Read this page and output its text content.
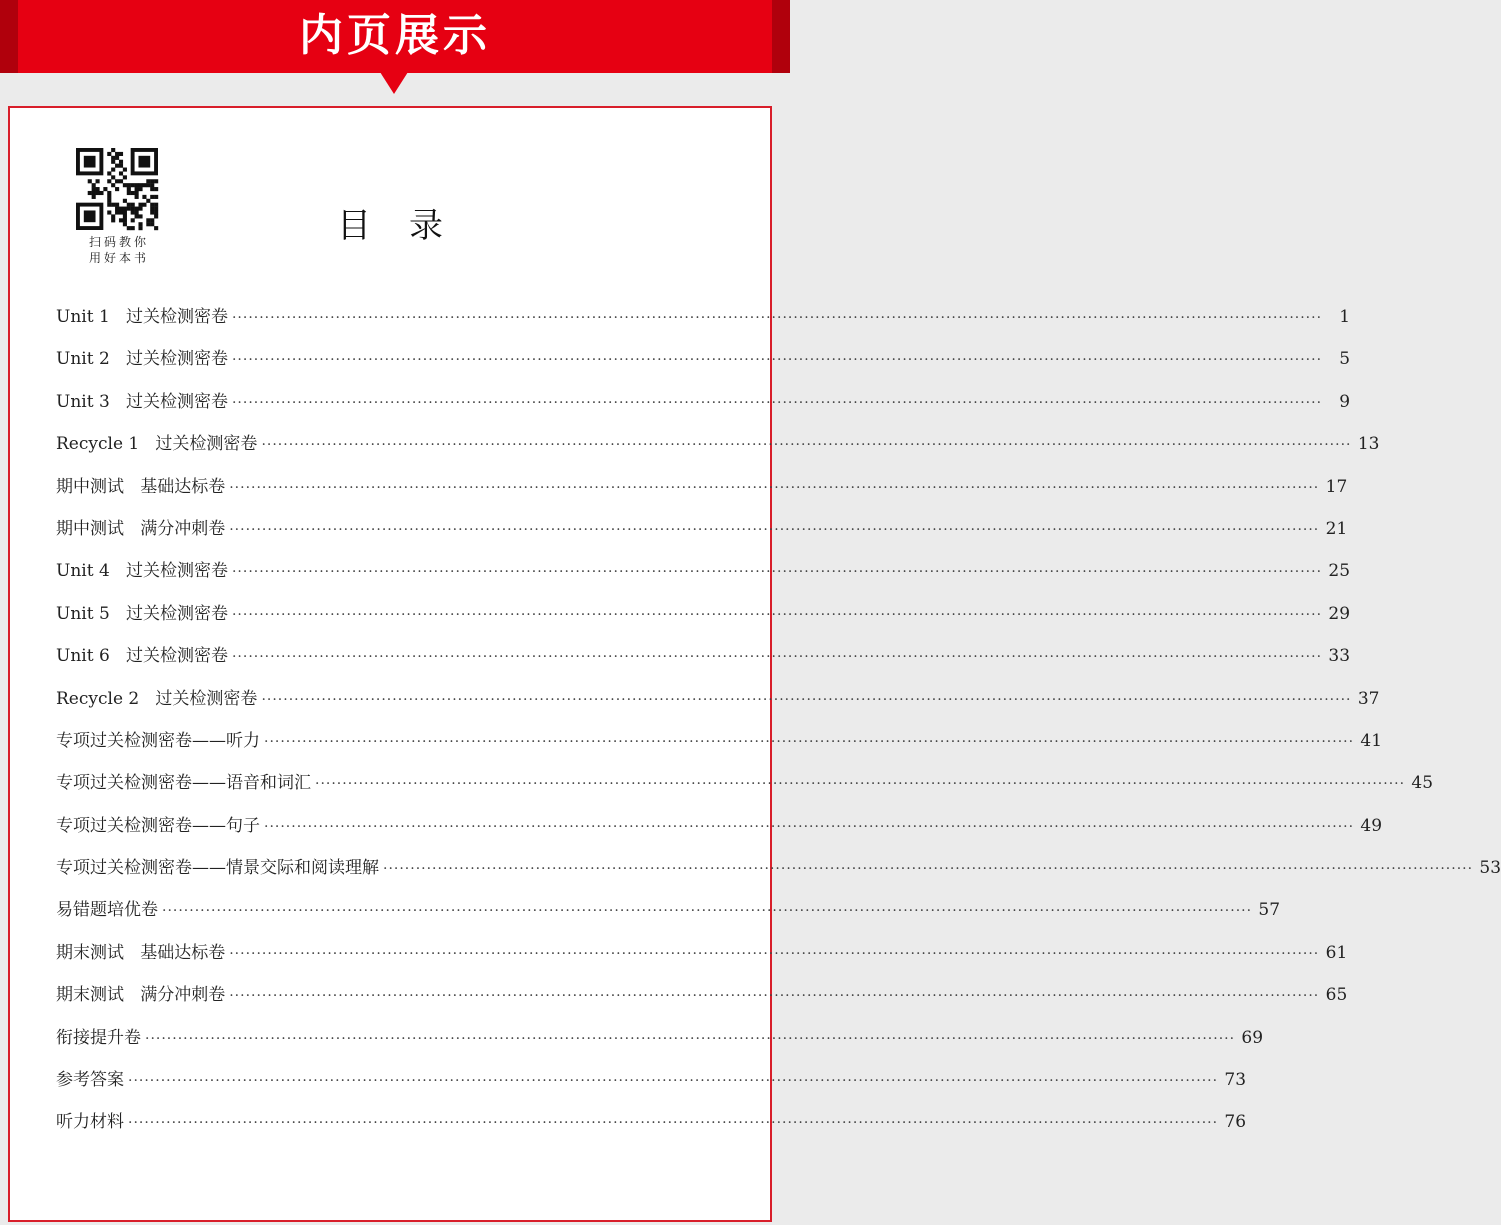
内页展示
扫码教你
用好本书
目录
Unit 1   过关检测密卷 ········································································································································································································	1
Unit 2   过关检测密卷 ········································································································································································································	5
Unit 3   过关检测密卷 ········································································································································································································	9
Recycle 1   过关检测密卷 ········································································································································································································ 13
期中测试   基础达标卷 ········································································································································································································ 17
期中测试   满分冲刺卷 ········································································································································································································ 21
Unit 4   过关检测密卷 ········································································································································································································ 25
Unit 5   过关检测密卷 ········································································································································································································ 29
Unit 6   过关检测密卷 ········································································································································································································ 33
Recycle 2   过关检测密卷 ········································································································································································································ 37
专项过关检测密卷——听力 ········································································································································································································ 41
专项过关检测密卷——语音和词汇 ········································································································································································································ 45
专项过关检测密卷——句子 ········································································································································································································ 49
专项过关检测密卷——情景交际和阅读理解 ········································································································································································································ 53
易错题培优卷 ········································································································································································································ 57
期末测试   基础达标卷 ········································································································································································································ 61
期末测试   满分冲刺卷 ········································································································································································································ 65
衔接提升卷 ········································································································································································································ 69
参考答案 ········································································································································································································ 73
听力材料 ········································································································································································································ 76
